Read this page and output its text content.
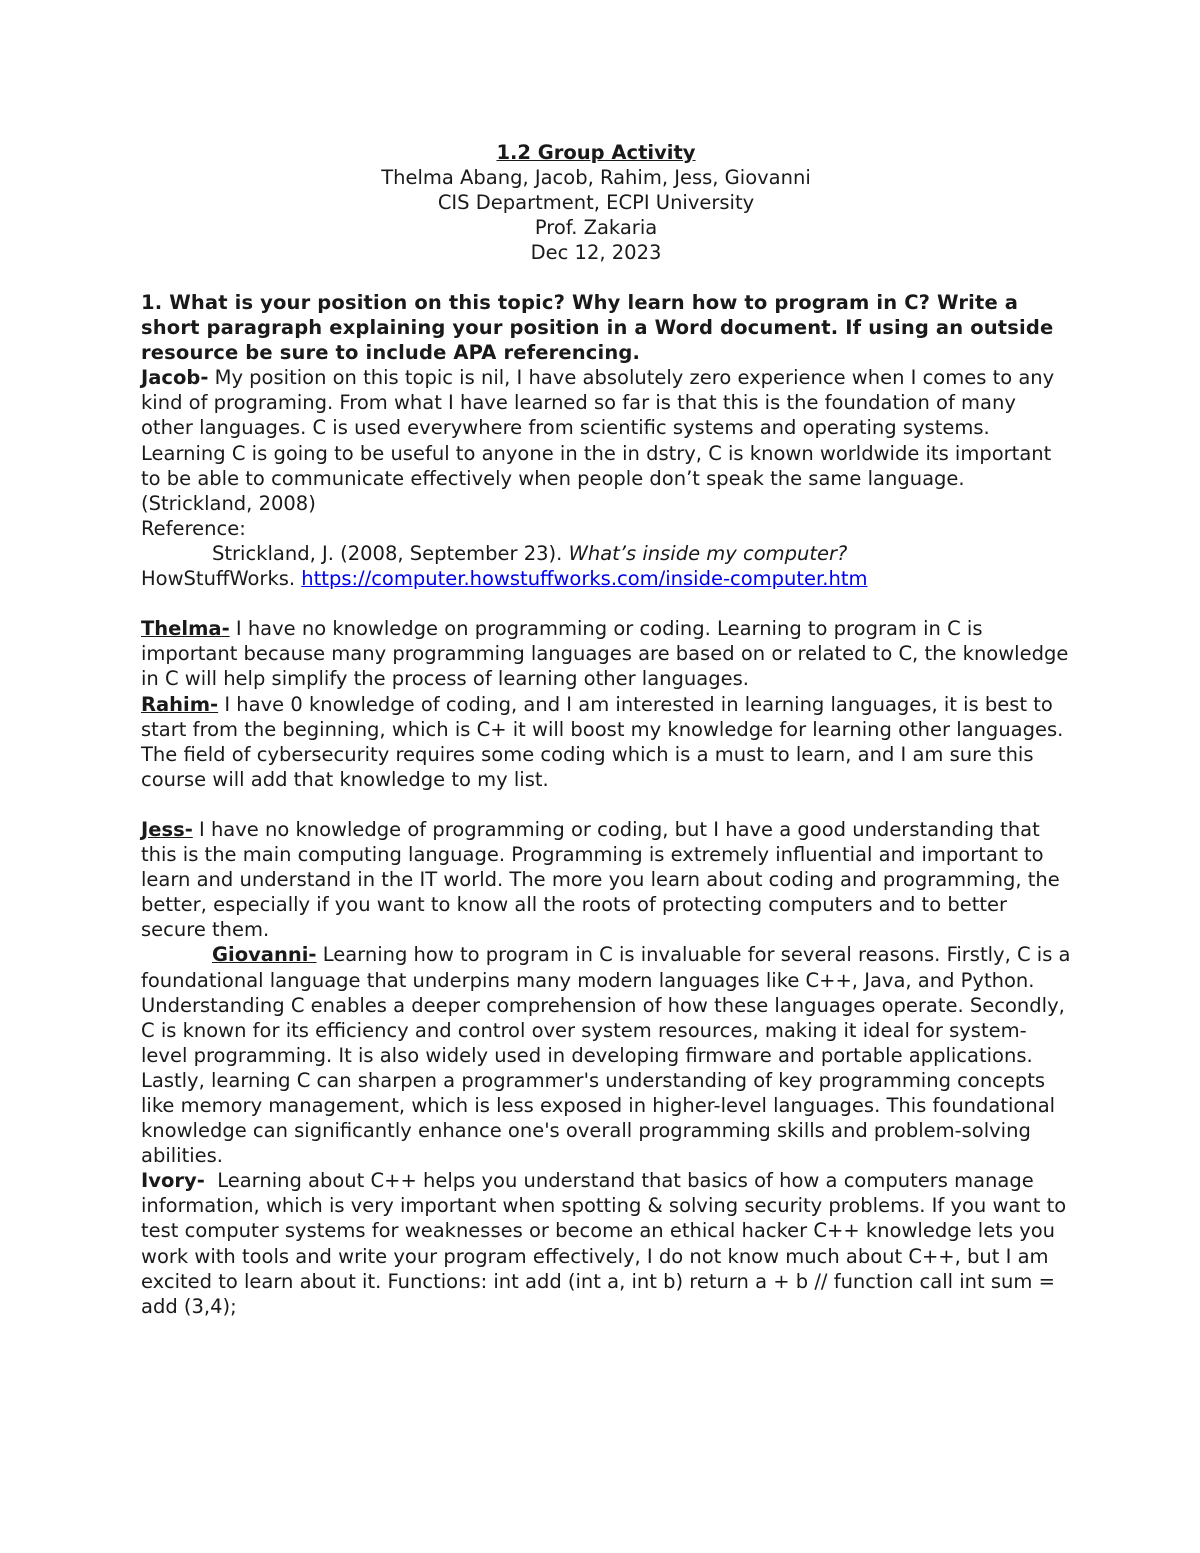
1.2 Group Activity
Thelma Abang, Jacob, Rahim, Jess, Giovanni
CIS Department, ECPI University
Prof. Zakaria
Dec 12, 2023

1. What is your position on this topic? Why learn how to program in C? Write a short paragraph explaining your position in a Word document. If using an outside resource be sure to include APA referencing.

Jacob- My position on this topic is nil, I have absolutely zero experience when I comes to any kind of programing. From what I have learned so far is that this is the foundation of many other languages. C is used everywhere from scientific systems and operating systems. Learning C is going to be useful to anyone in the in dstry, C is known worldwide its important to be able to communicate effectively when people don’t speak the same language. (Strickland, 2008)

Reference:

Strickland, J. (2008, September 23). What’s inside my computer?

HowStuffWorks. https://computer.howstuffworks.com/inside-computer.htm

Thelma- I have no knowledge on programming or coding. Learning to program in C is important because many programming languages are based on or related to C, the knowledge in C will help simplify the process of learning other languages.

Rahim- I have 0 knowledge of coding, and I am interested in learning languages, it is best to start from the beginning, which is C+ it will boost my knowledge for learning other languages. The field of cybersecurity requires some coding which is a must to learn, and I am sure this course will add that knowledge to my list.

Jess- I have no knowledge of programming or coding, but I have a good understanding that this is the main computing language. Programming is extremely influential and important to learn and understand in the IT world. The more you learn about coding and programming, the better, especially if you want to know all the roots of protecting computers and to better secure them.

Giovanni- Learning how to program in C is invaluable for several reasons. Firstly, C is a foundational language that underpins many modern languages like C++, Java, and Python. Understanding C enables a deeper comprehension of how these languages operate. Secondly, C is known for its efficiency and control over system resources, making it ideal for system-level programming. It is also widely used in developing firmware and portable applications. Lastly, learning C can sharpen a programmer's understanding of key programming concepts like memory management, which is less exposed in higher-level languages. This foundational knowledge can significantly enhance one's overall programming skills and problem-solving abilities.

Ivory-  Learning about C++ helps you understand that basics of how a computers manage information, which is very important when spotting & solving security problems. If you want to test computer systems for weaknesses or become an ethical hacker C++ knowledge lets you work with tools and write your program effectively, I do not know much about C++, but I am excited to learn about it. Functions: int add (int a, int b) return a + b // function call int sum = add (3,4);
